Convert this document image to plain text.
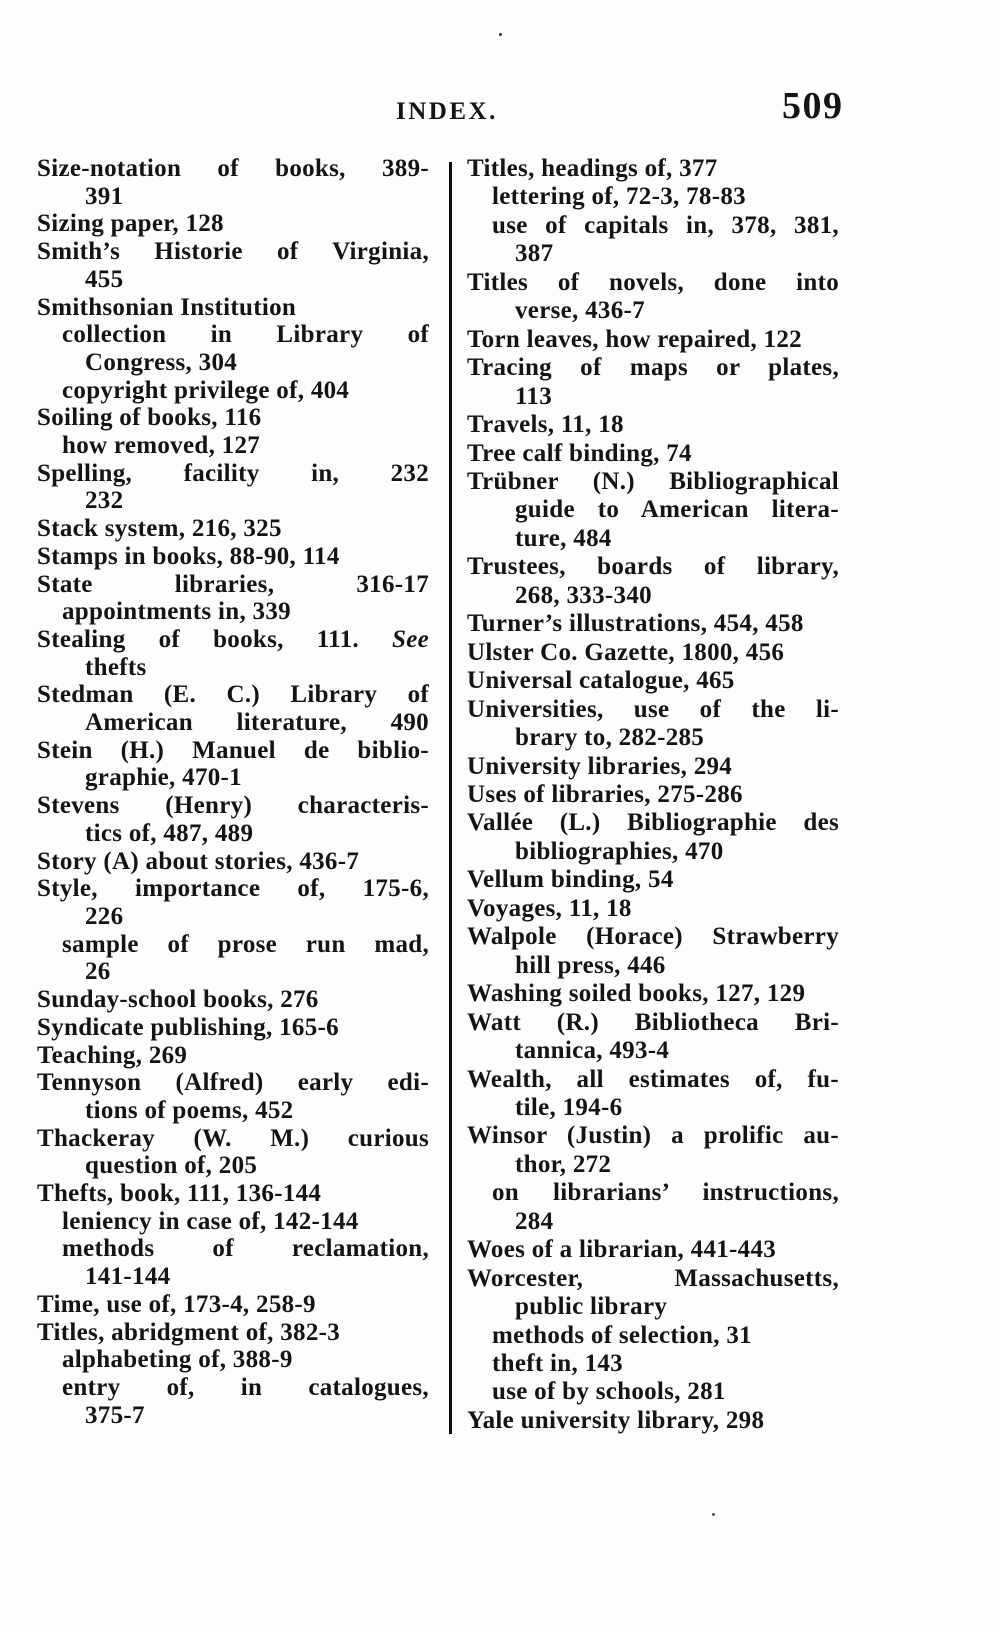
INDEX.	509
Size-notation of books, 389-
391
Sizing paper, 128
Smith’s Historie of Virginia,
455
Smithsonian Institution
collection in Library of
Congress, 304
copyright privilege of, 404
Soiling of books, 116
how removed, 127
Spelling, facility in, 232
232
Stack system, 216, 325
Stamps in books, 88-90, 114
State libraries, 316-17
appointments in, 339
Stealing of books, 111. See
thefts
Stedman (E. C.) Library of
American literature, 490
Stein (H.) Manuel de biblio-
graphie, 470-1
Stevens (Henry) characteris-
tics of, 487, 489
Story (A) about stories, 436-7
Style, importance of, 175-6,
226
sample of prose run mad,
26
Sunday-school books, 276
Syndicate publishing, 165-6
Teaching, 269
Tennyson (Alfred) early edi-
tions of poems, 452
Thackeray (W. M.) curious
question of, 205
Thefts, book, 111, 136-144
leniency in case of, 142-144
methods of reclamation,
141-144
Time, use of, 173-4, 258-9
Titles, abridgment of, 382-3
alphabeting of, 388-9
entry of, in catalogues,
375-7
Titles, headings of, 377
lettering of, 72-3, 78-83
use of capitals in, 378, 381,
387
Titles of novels, done into
verse, 436-7
Torn leaves, how repaired, 122
Tracing of maps or plates,
113
Travels, 11, 18
Tree calf binding, 74
Trübner (N.) Bibliographical
guide to American litera-
ture, 484
Trustees, boards of library,
268, 333-340
Turner’s illustrations, 454, 458
Ulster Co. Gazette, 1800, 456
Universal catalogue, 465
Universities, use of the li-
brary to, 282-285
University libraries, 294
Uses of libraries, 275-286
Vallée (L.) Bibliographie des
bibliographies, 470
Vellum binding, 54
Voyages, 11, 18
Walpole (Horace) Strawberry
hill press, 446
Washing soiled books, 127, 129
Watt (R.) Bibliotheca Bri-
tannica, 493-4
Wealth, all estimates of, fu-
tile, 194-6
Winsor (Justin) a prolific au-
thor, 272
on librarians’ instructions,
284
Woes of a librarian, 441-443
Worcester, Massachusetts,
public library
methods of selection, 31
theft in, 143
use of by schools, 281
Yale university library, 298
